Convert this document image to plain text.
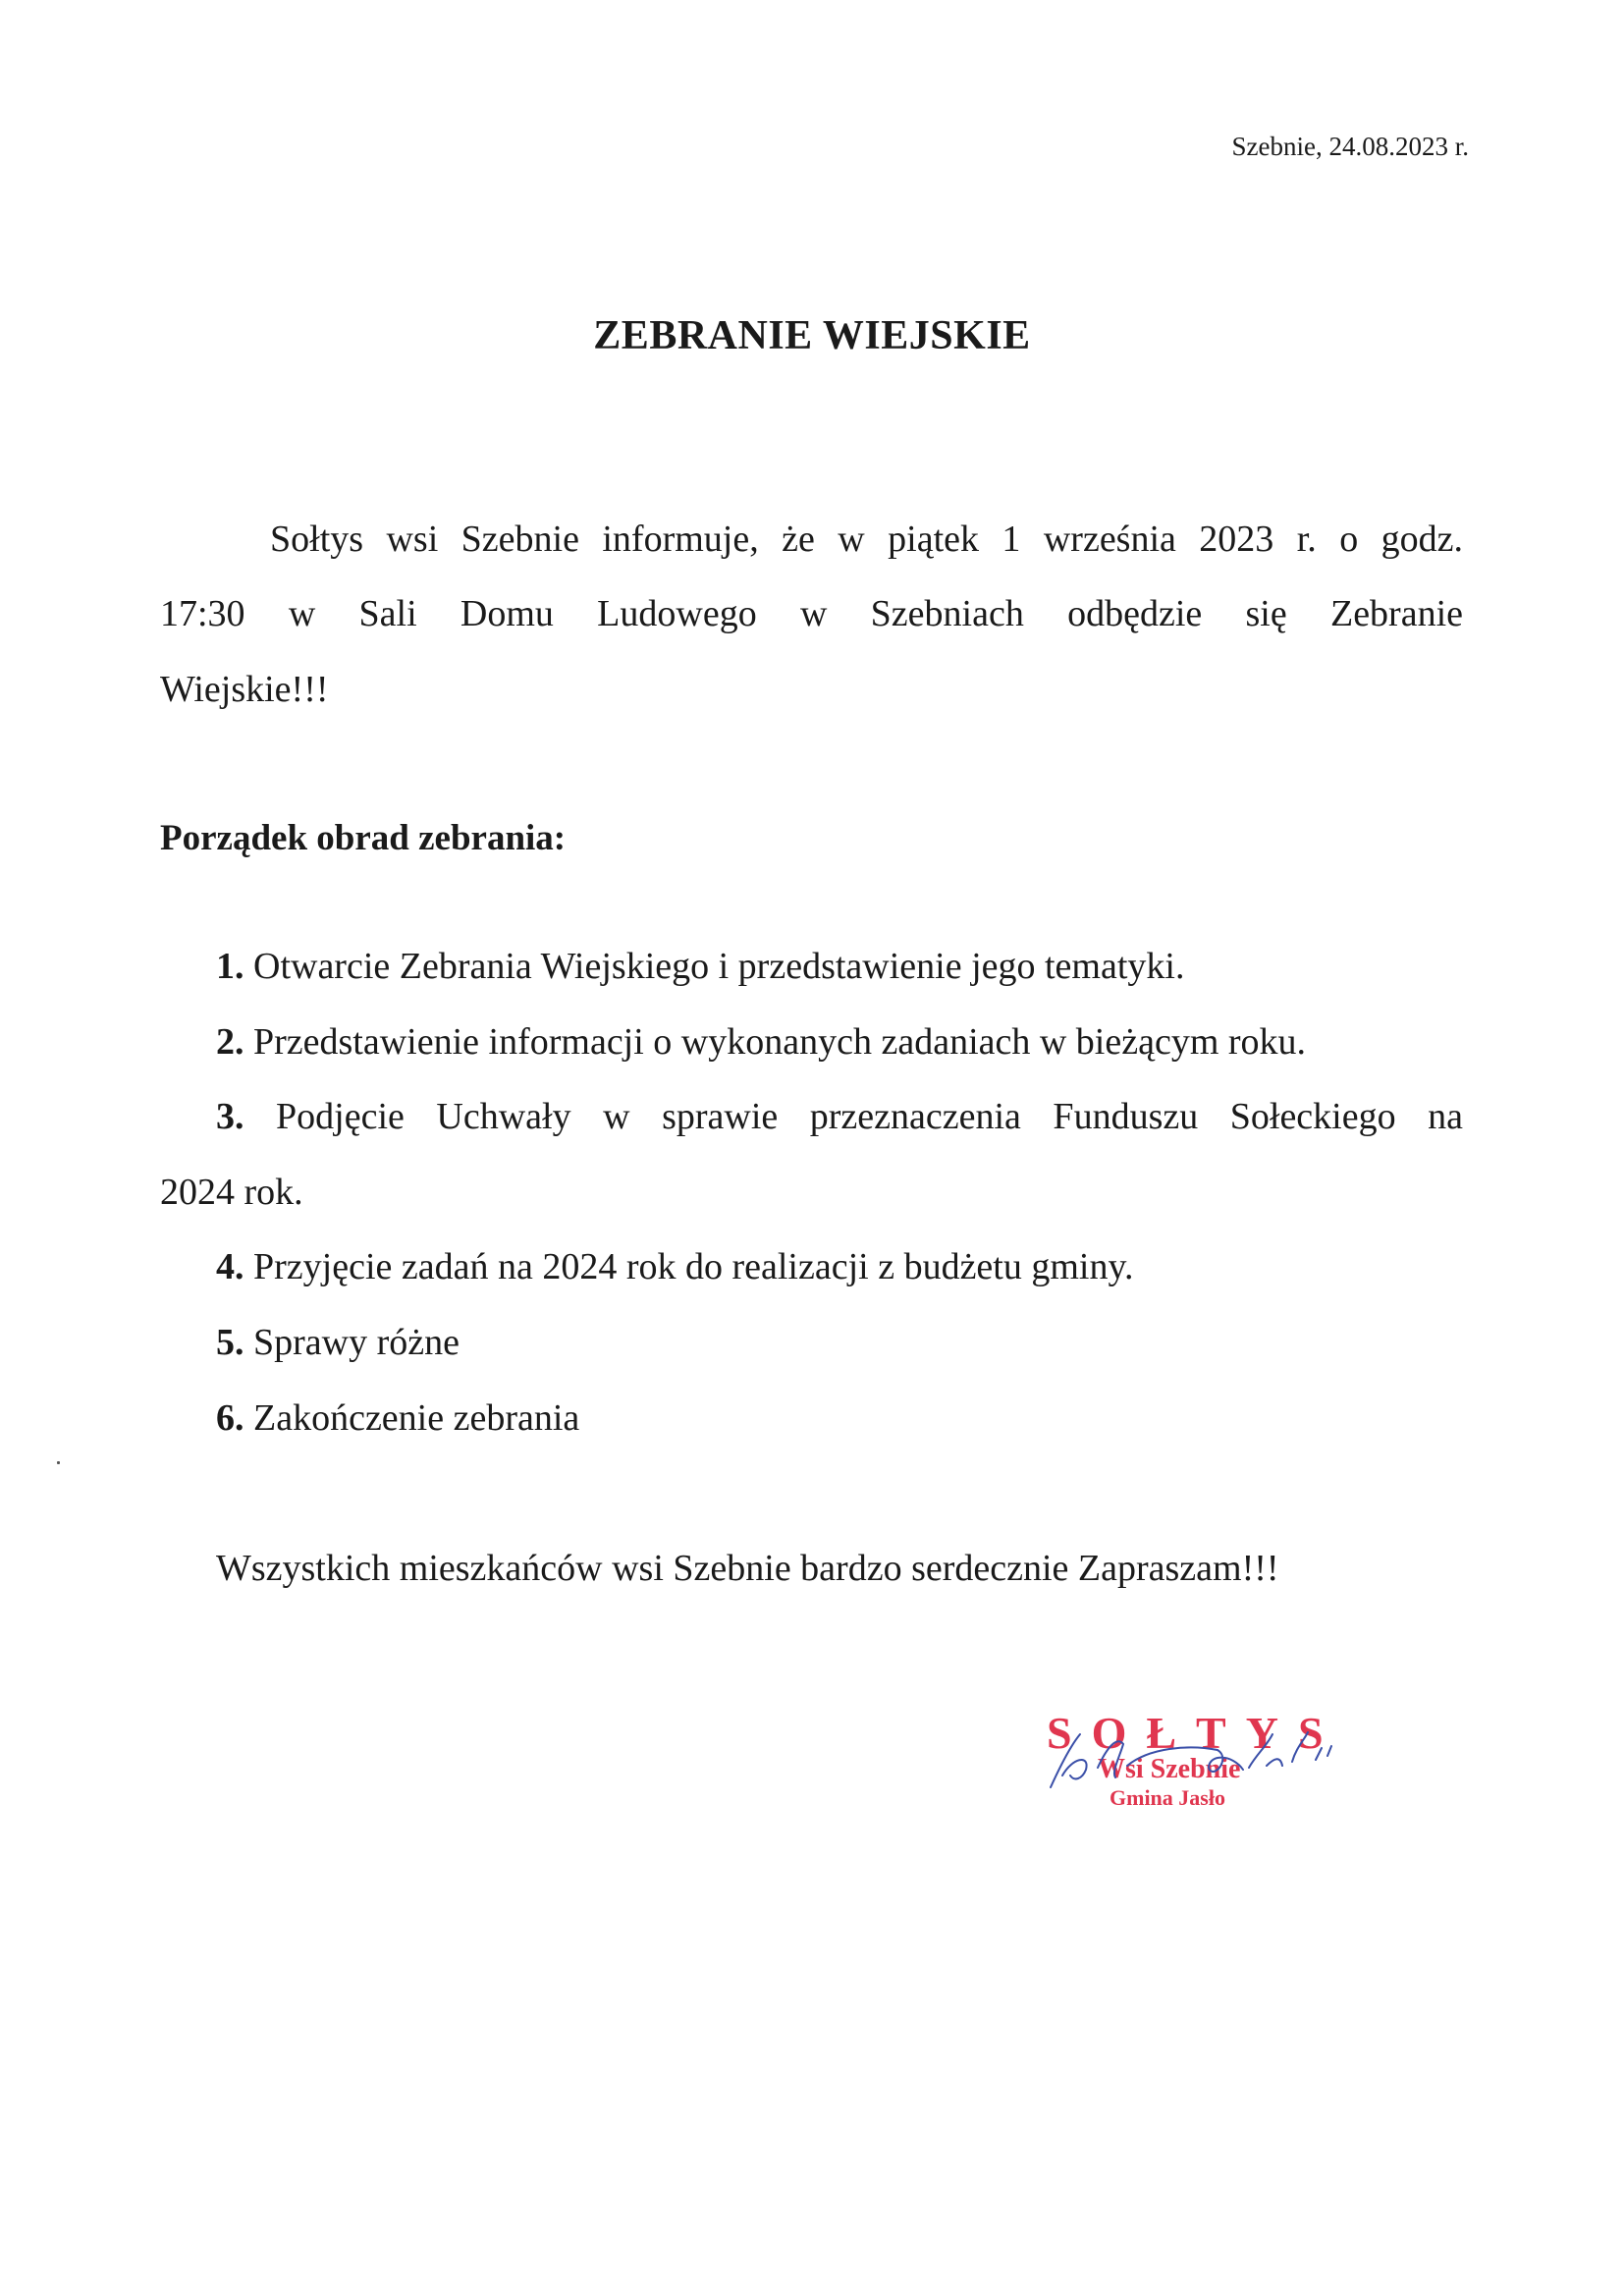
Szebnie, 24.08.2023 r.
ZEBRANIE WIEJSKIE
Sołtys wsi Szebnie informuje, że w piątek 1 września 2023 r. o godz.
17:30 w Sali Domu Ludowego w Szebniach odbędzie się Zebranie
Wiejskie!!!
Porządek obrad zebrania:
1. Otwarcie Zebrania Wiejskiego i przedstawienie jego tematyki.
2. Przedstawienie informacji o wykonanych zadaniach w bieżącym roku.
3. Podjęcie Uchwały w sprawie przeznaczenia Funduszu Sołeckiego na
2024 rok.
4. Przyjęcie zadań na 2024 rok do realizacji z budżetu gminy.
5. Sprawy różne
6. Zakończenie zebrania
Wszystkich mieszkańców wsi Szebnie bardzo serdecznie Zapraszam!!!
SOŁTYS
Wsi Szebnie
Gmina Jasło
